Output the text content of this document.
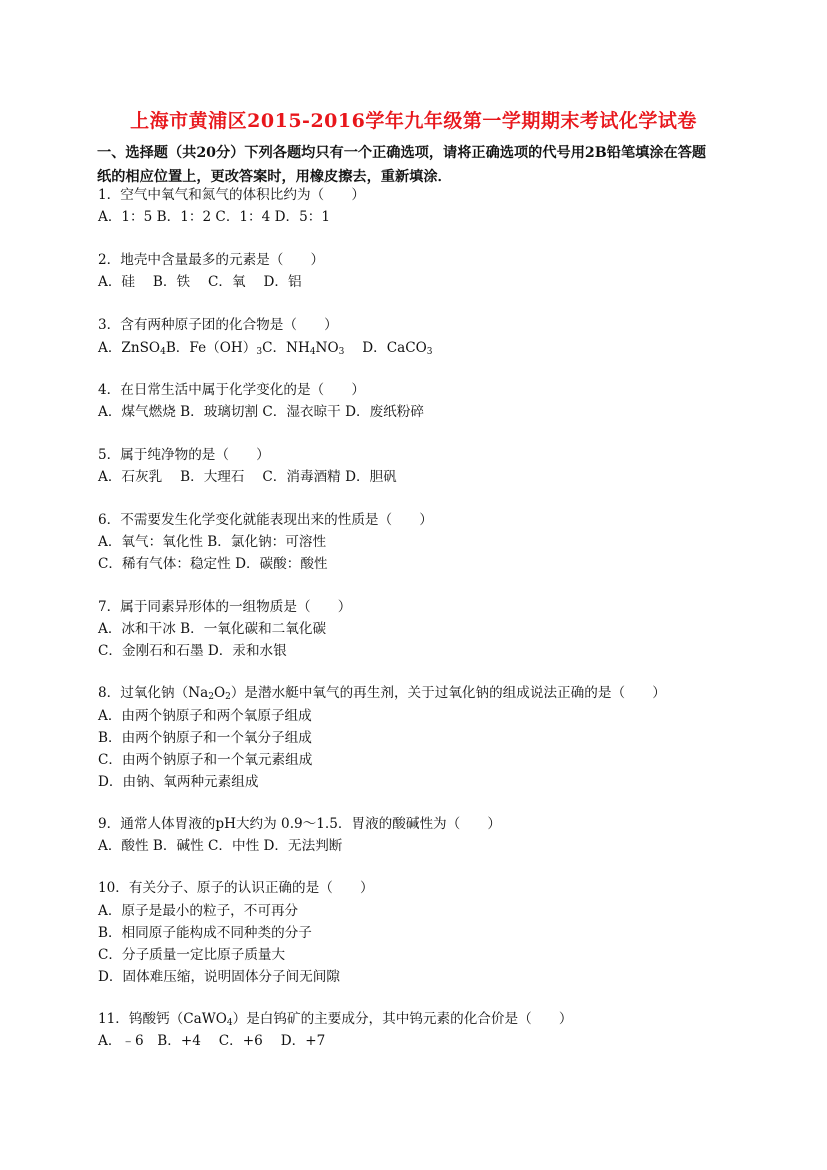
上海市黄浦区2015-2016学年九年级第一学期期末考试化学试卷
一、选择题（共20分）下列各题均只有一个正确选项，请将正确选项的代号用2B铅笔填涂在答题
纸的相应位置上，更改答案时，用橡皮擦去，重新填涂．
1．空气中氧气和氮气的体积比约为（　　）
A．1：5 B．1：2 C．1：4 D．5：1
2．地壳中含量最多的元素是（　　）
A．硅　 B．铁　 C．氧　 D．铝
3．含有两种原子团的化合物是（　　）
A．ZnSO$_4$B．$Fe(OH)_3C$．$NH_4NO_3$　 D．CaCO$_3$
4．在日常生活中属于化学变化的是（　　）
A．煤气燃烧 B．玻璃切割 C．湿衣晾干 D．废纸粉碎
5．属于纯净物的是（　　）
A．石灰乳　 B．大理石　 C．消毒酒精 D．胆矾
6．不需要发生化学变化就能表现出来的性质是（　　）
A．氧气：氧化性 B．氯化钠：可溶性
C．稀有气体：稳定性 D．碳酸：酸性
7．属于同素异形体的一组物质是（　　）
A．冰和干冰 B．一氧化碳和二氧化碳
C．金刚石和石墨 D．汞和水银
8．过氧化钠$(Na_2O_2)$是潜水艇中氧气的再生剂，关于过氧化钠的组成说法正确的是（　　）
A．由两个钠原子和两个氧原子组成
B．由两个钠原子和一个氧分子组成
C．由两个钠原子和一个氧元素组成
D．由钠、氧两种元素组成
9．通常人体胃液的pH大约为 0.9～1.5．胃液的酸碱性为（　　）
A．酸性 B．碱性 C．中性 D．无法判断
10．有关分子、原子的认识正确的是（　　）
A．原子是最小的粒子，不可再分
B．相同原子能构成不同种类的分子
C．分子质量一定比原子质量大
D．固体难压缩，说明固体分子间无间隙
11．钨酸钙（CaWO$_4$）是白钨矿的主要成分，其中钨元素的化合价是（　　）
A．﹣6　B．+4　 C．+6　 D．+7
